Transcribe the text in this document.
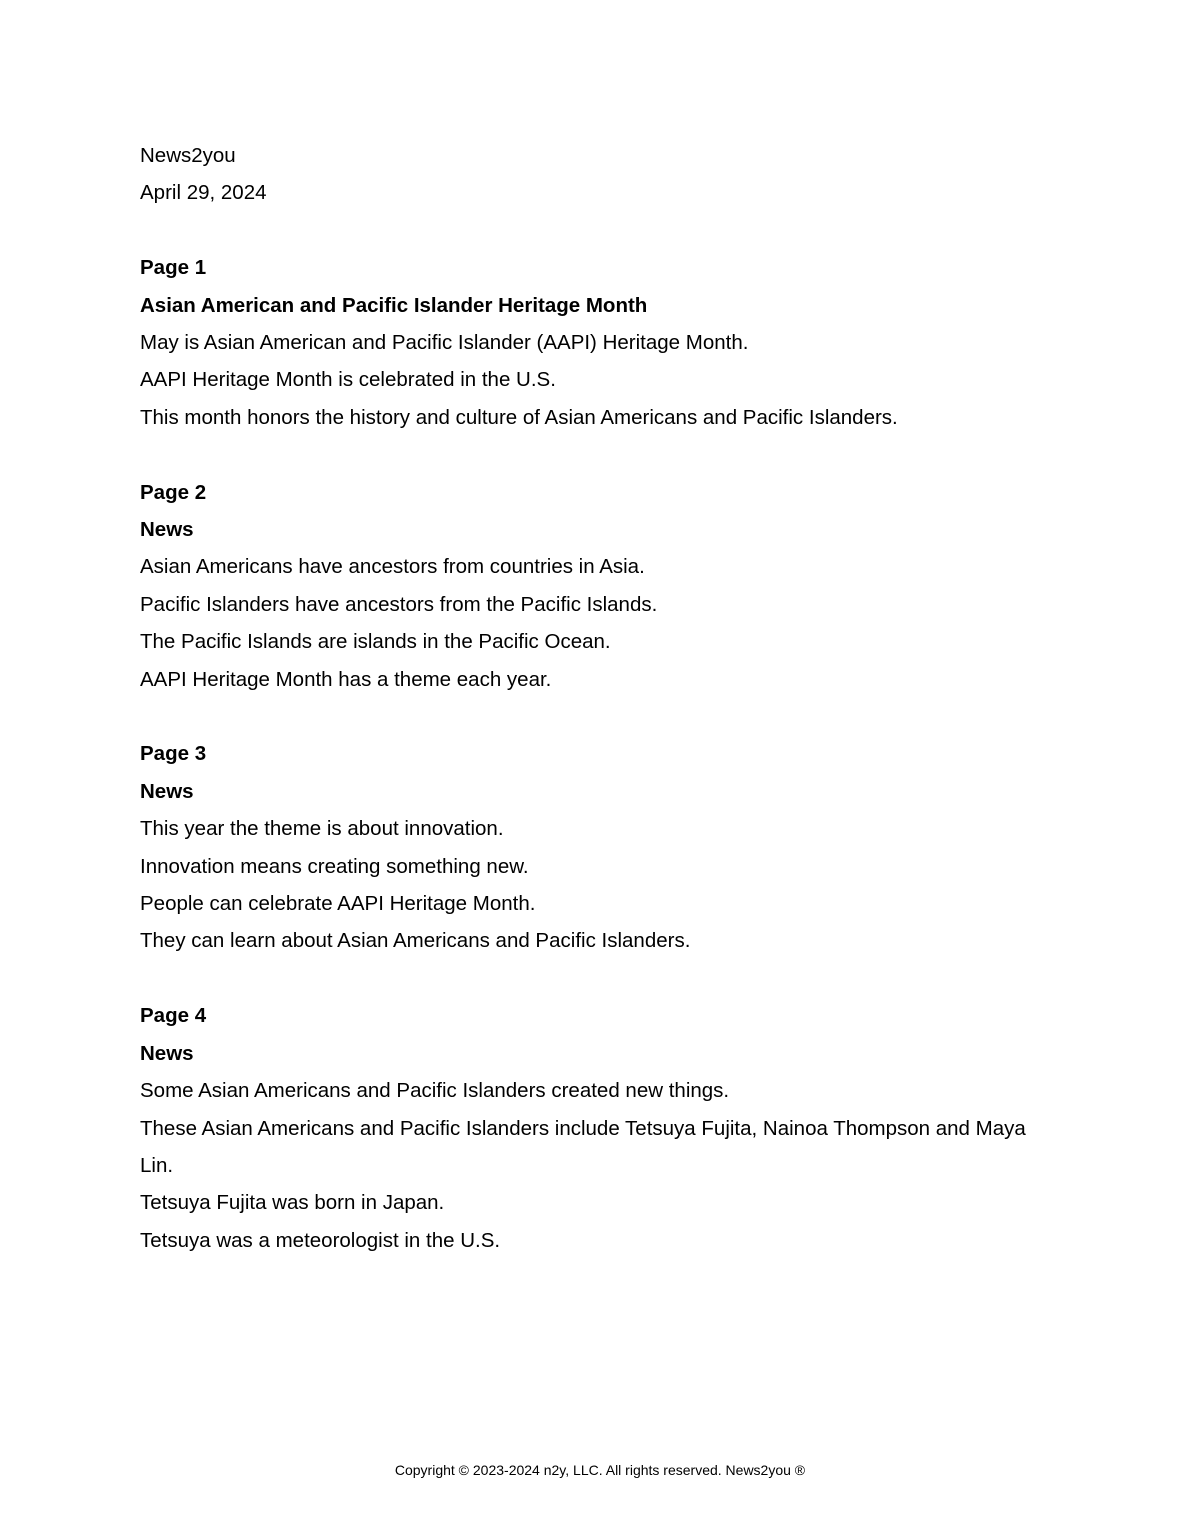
News2you
April 29, 2024
Page 1
Asian American and Pacific Islander Heritage Month
May is Asian American and Pacific Islander (AAPI) Heritage Month.
AAPI Heritage Month is celebrated in the U.S.
This month honors the history and culture of Asian Americans and Pacific Islanders.
Page 2
News
Asian Americans have ancestors from countries in Asia.
Pacific Islanders have ancestors from the Pacific Islands.
The Pacific Islands are islands in the Pacific Ocean.
AAPI Heritage Month has a theme each year.
Page 3
News
This year the theme is about innovation.
Innovation means creating something new.
People can celebrate AAPI Heritage Month.
They can learn about Asian Americans and Pacific Islanders.
Page 4
News
Some Asian Americans and Pacific Islanders created new things.
These Asian Americans and Pacific Islanders include Tetsuya Fujita, Nainoa Thompson and Maya Lin.
Tetsuya Fujita was born in Japan.
Tetsuya was a meteorologist in the U.S.
Copyright © 2023-2024 n2y, LLC. All rights reserved. News2you ®
